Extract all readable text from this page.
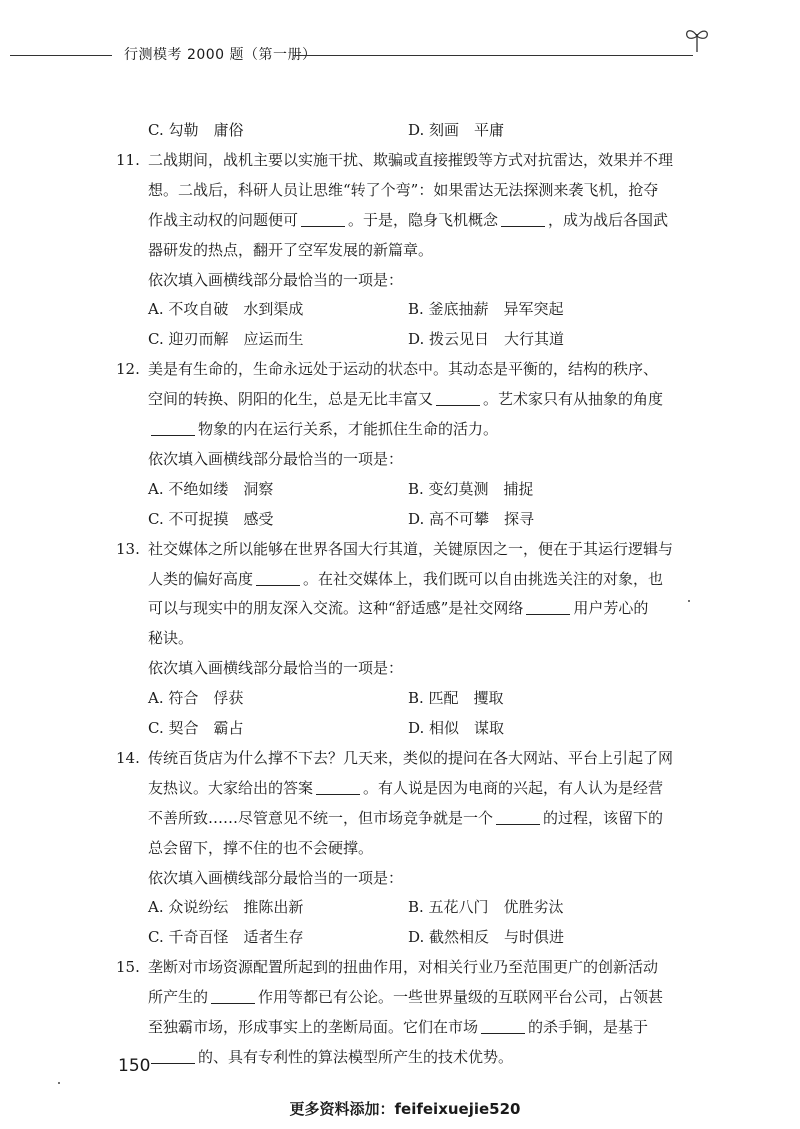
行测模考 2000 题（第一册）
C. 勾勒　庸俗	D. 刻画　平庸
11. 二战期间，战机主要以实施干扰、欺骗或直接摧毁等方式对抗雷达，效果并不理
想。二战后，科研人员让思维“转了个弯”：如果雷达无法探测来袭飞机，抢夺
作战主动权的问题便可	。于是，隐身飞机概念	，成为战后各国武
器研发的热点，翻开了空军发展的新篇章。
依次填入画横线部分最恰当的一项是：
A. 不攻自破　水到渠成	B. 釜底抽薪　异军突起
C. 迎刃而解　应运而生	D. 拨云见日　大行其道
12. 美是有生命的，生命永远处于运动的状态中。其动态是平衡的，结构的秩序、
空间的转换、阴阳的化生，总是无比丰富又	。艺术家只有从抽象的角度
物象的内在运行关系，才能抓住生命的活力。
依次填入画横线部分最恰当的一项是：
A. 不绝如缕　洞察	B. 变幻莫测　捕捉
C. 不可捉摸　感受	D. 高不可攀　探寻
13. 社交媒体之所以能够在世界各国大行其道，关键原因之一，便在于其运行逻辑与
人类的偏好高度	。在社交媒体上，我们既可以自由挑选关注的对象，也
可以与现实中的朋友深入交流。这种“舒适感”是社交网络	用户芳心的
秘诀。
依次填入画横线部分最恰当的一项是：
A. 符合　俘获	B. 匹配　攫取
C. 契合　霸占	D. 相似　谋取
14. 传统百货店为什么撑不下去？几天来，类似的提问在各大网站、平台上引起了网
友热议。大家给出的答案	。有人说是因为电商的兴起，有人认为是经营
不善所致……尽管意见不统一，但市场竞争就是一个	的过程，该留下的
总会留下，撑不住的也不会硬撑。
依次填入画横线部分最恰当的一项是：
A. 众说纷纭　推陈出新	B. 五花八门　优胜劣汰
C. 千奇百怪　适者生存	D. 截然相反　与时俱进
15. 垄断对市场资源配置所起到的扭曲作用，对相关行业乃至范围更广的创新活动
所产生的	作用等都已有公论。一些世界量级的互联网平台公司，占领甚
至独霸市场，形成事实上的垄断局面。它们在市场	的杀手锏，是基于
的、具有专利性的算法模型所产生的技术优势。
150
更多资料添加：feifeixuejie520
